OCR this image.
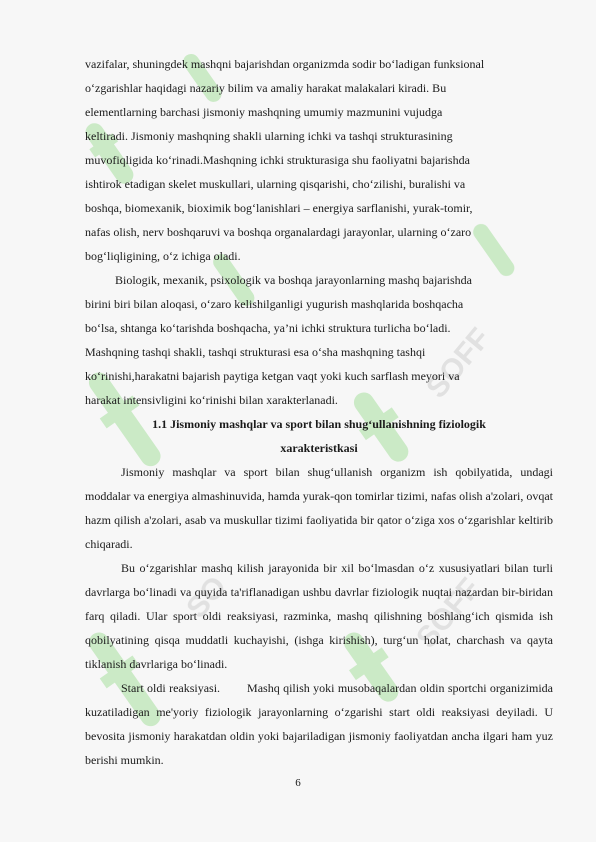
SOFF
SOFF
SO
vazifalar, shuningdek mashqni bajarishdan organizmda sodir bo‘ladigan funksional
o‘zgarishlar haqidagi nazariy bilim va amaliy harakat malakalari kiradi. Bu
elementlarning barchasi jismoniy mashqning umumiy mazmunini vujudga
keltiradi. Jismoniy mashqning shakli ularning ichki va tashqi strukturasining
muvofiqligida ko‘rinadi.Mashqning ichki strukturasiga shu faoliyatni bajarishda
ishtirok etadigan skelet muskullari, ularning qisqarishi, cho‘zilishi, buralishi va
boshqa, biomexanik, bioximik bog‘lanishlari – energiya sarflanishi, yurak-tomir,
nafas olish, nerv boshqaruvi va boshqa organalardagi jarayonlar, ularning o‘zaro
bog‘liqligining, o‘z ichiga oladi.
Biologik, mexanik, psixologik va boshqa jarayonlarning mashq bajarishda
birini biri bilan aloqasi, o‘zaro kelishilganligi yugurish mashqlarida boshqacha
bo‘lsa, shtanga ko‘tarishda boshqacha, ya’ni ichki struktura turlicha bo‘ladi.
Mashqning tashqi shakli, tashqi strukturasi esa o‘sha mashqning tashqi
ko‘rinishi,harakatni bajarish paytiga ketgan vaqt yoki kuch sarflash meyori va
harakat intensivligini ko‘rinishi bilan xarakterlanadi.
1.1 Jismoniy mashqlar va sport bilan shug‘ullanishning fiziologik
xarakteristkasi
Jismoniy mashqlar va sport bilan shug‘ullanish organizm ish qobilyatida, undagi moddalar va energiya almashinuvida, hamda yurak-qon tomirlar tizimi, nafas olish a'zolari, ovqat hazm qilish a'zolari, asab va muskullar tizimi faoliyatida bir qator o‘ziga xos o‘zgarishlar keltirib chiqaradi.
Bu o‘zgarishlar mashq kilish jarayonida bir xil bo‘lmasdan o‘z xususiyatlari bilan turli davrlarga bo‘linadi va quyida ta'riflanadigan ushbu davrlar fiziologik nuqtai nazardan bir-biridan farq qiladi. Ular sport oldi reaksiyasi, razminka, mashq qilishning boshlang‘ich qismida ish qobilyatining qisqa muddatli kuchayishi, (ishga kirishish), turg‘un holat, charchash va qayta tiklanish davrlariga bo‘linadi.
Start oldi reaksiyasi.        Mashq qilish yoki musobaqalardan oldin sportchi organizimida kuzatiladigan me'yoriy fiziologik jarayonlarning o‘zgarishi start oldi reaksiyasi deyiladi. U bevosita jismoniy harakatdan oldin yoki bajariladigan jismoniy faoliyatdan ancha ilgari ham yuz berishi mumkin.
6
